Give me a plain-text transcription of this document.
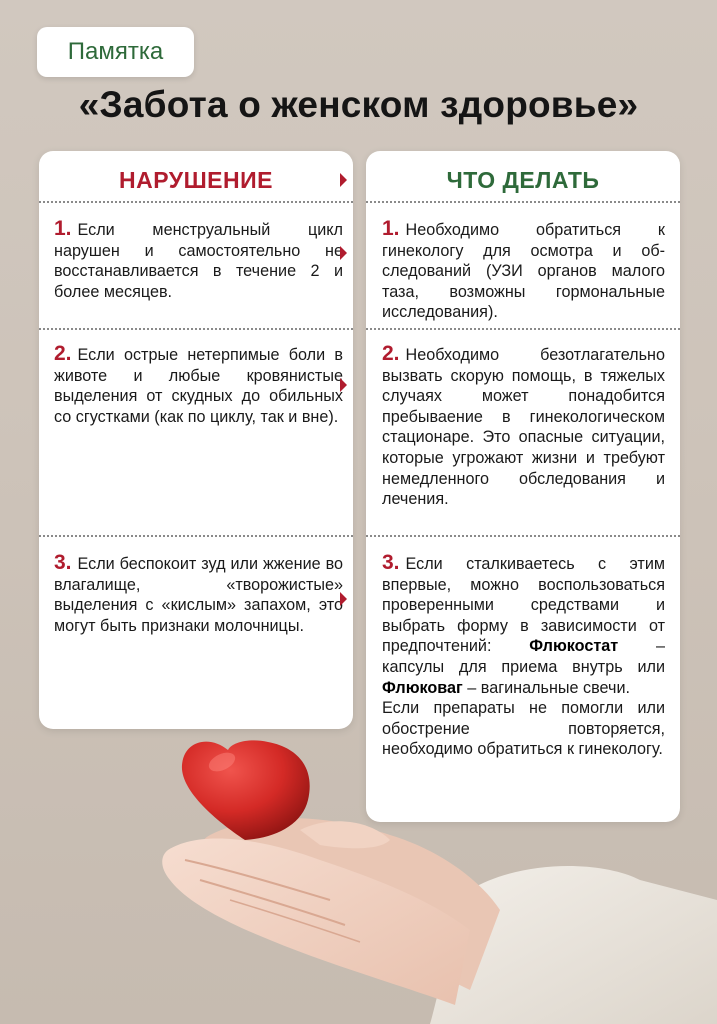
Памятка
«Забота о женском здоровье»
НАРУШЕНИЕ
1. Если менструальный цикл нарушен и самостоятельно не восстанавливается в течение 2 и более месяцев.
2. Если острые нетерпимые боли в животе и любые кровянистые выделения от скудных до обильных со сгустками (как по циклу, так и вне).
3. Если беспокоит зуд или жжение во влагалище, «творожистые» выделения с «кислым» запахом, это могут быть признаки молочницы.
ЧТО ДЕЛАТЬ
1. Необходимо обратиться к гинекологу для осмотра и обследований (УЗИ органов малого таза, возможны гормональные исследования).
2. Необходимо безотлагательно вызвать скорую помощь, в тяжелых случаях может понадобится пребываение в гинекологическом стационаре. Это опасные ситуации, которые угрожают жизни и требуют немедленного обследования и лечения.
3. Если сталкиваетесь с этим впервые, можно воспользоваться проверенными средствами и выбрать форму в зависимости от предпочтений: Флюкостат – капсулы для приема внутрь или Флюковаг – вагинальные свечи.
Если препараты не помогли или обострение повторяется, необходимо обратиться к гинекологу.
